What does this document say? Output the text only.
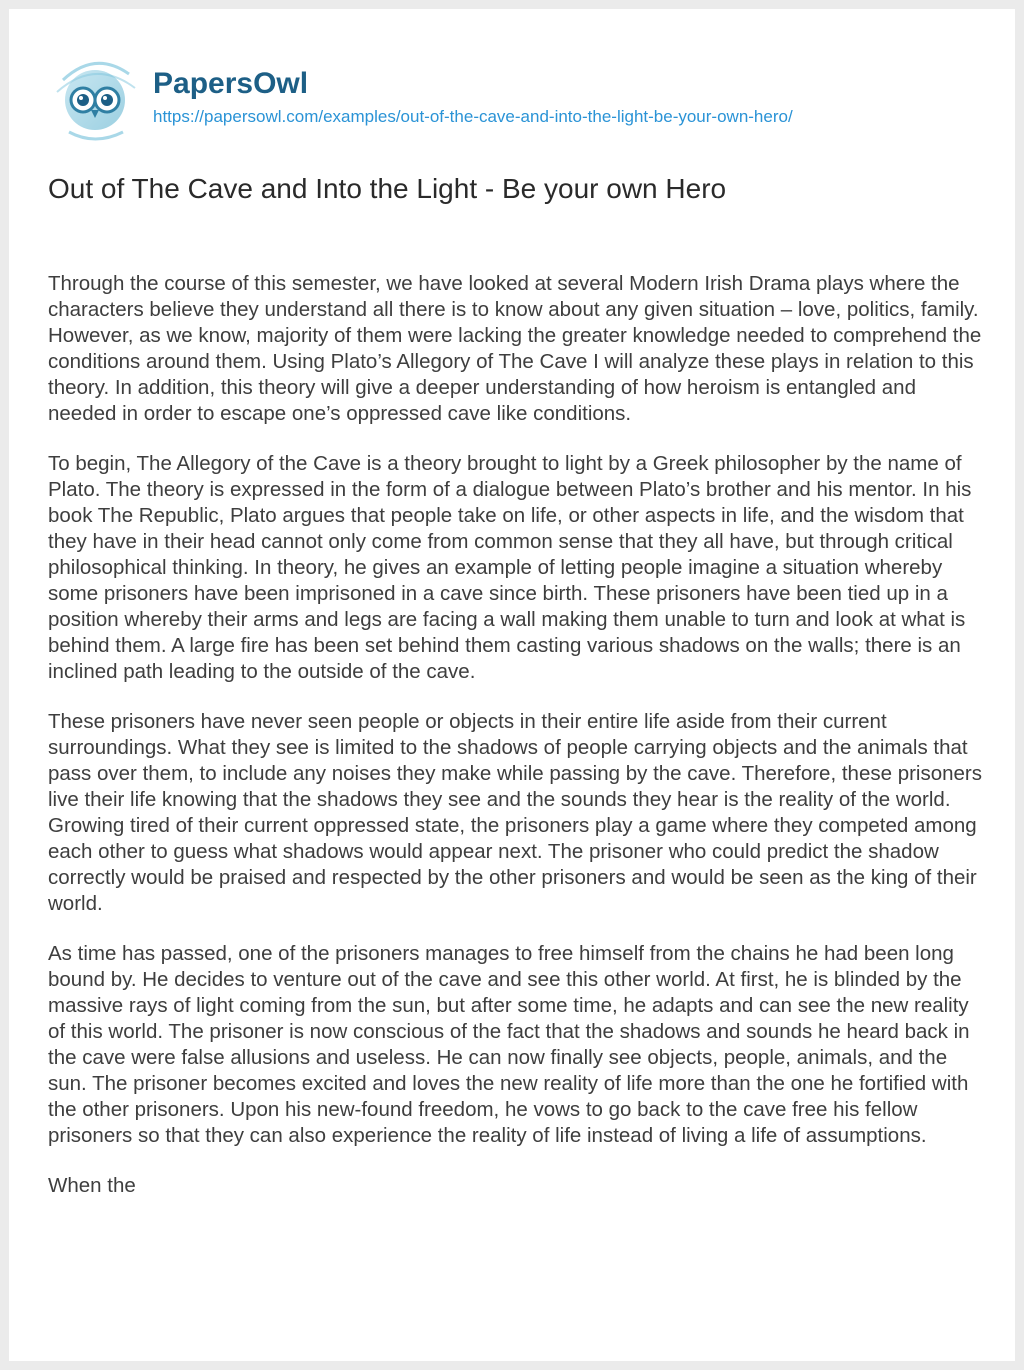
PapersOwl
https://papersowl.com/examples/out-of-the-cave-and-into-the-light-be-your-own-hero/
Out of The Cave and Into the Light - Be your own Hero

Through the course of this semester, we have looked at several Modern Irish Drama plays where the characters believe they understand all there is to know about any given situation – love, politics, family. However, as we know, majority of them were lacking the greater knowledge needed to comprehend the conditions around them. Using Plato’s Allegory of The Cave I will analyze these plays in relation to this theory. In addition, this theory will give a deeper understanding of how heroism is entangled and needed in order to escape one’s oppressed cave like conditions.

To begin, The Allegory of the Cave is a theory brought to light by a Greek philosopher by the name of Plato. The theory is expressed in the form of a dialogue between Plato’s brother and his mentor. In his book The Republic, Plato argues that people take on life, or other aspects in life, and the wisdom that they have in their head cannot only come from common sense that they all have, but through critical philosophical thinking. In theory, he gives an example of letting people imagine a situation whereby some prisoners have been imprisoned in a cave since birth. These prisoners have been tied up in a position whereby their arms and legs are facing a wall making them unable to turn and look at what is behind them. A large fire has been set behind them casting various shadows on the walls; there is an inclined path leading to the outside of the cave.

These prisoners have never seen people or objects in their entire life aside from their current surroundings. What they see is limited to the shadows of people carrying objects and the animals that pass over them, to include any noises they make while passing by the cave. Therefore, these prisoners live their life knowing that the shadows they see and the sounds they hear is the reality of the world. Growing tired of their current oppressed state, the prisoners play a game where they competed among each other to guess what shadows would appear next. The prisoner who could predict the shadow correctly would be praised and respected by the other prisoners and would be seen as the king of their world.

As time has passed, one of the prisoners manages to free himself from the chains he had been long bound by. He decides to venture out of the cave and see this other world. At first, he is blinded by the massive rays of light coming from the sun, but after some time, he adapts and can see the new reality of this world. The prisoner is now conscious of the fact that the shadows and sounds he heard back in the cave were false allusions and useless. He can now finally see objects, people, animals, and the sun. The prisoner becomes excited and loves the new reality of life more than the one he fortified with the other prisoners. Upon his new-found freedom, he vows to go back to the cave free his fellow prisoners so that they can also experience the reality of life instead of living a life of assumptions.

When the
